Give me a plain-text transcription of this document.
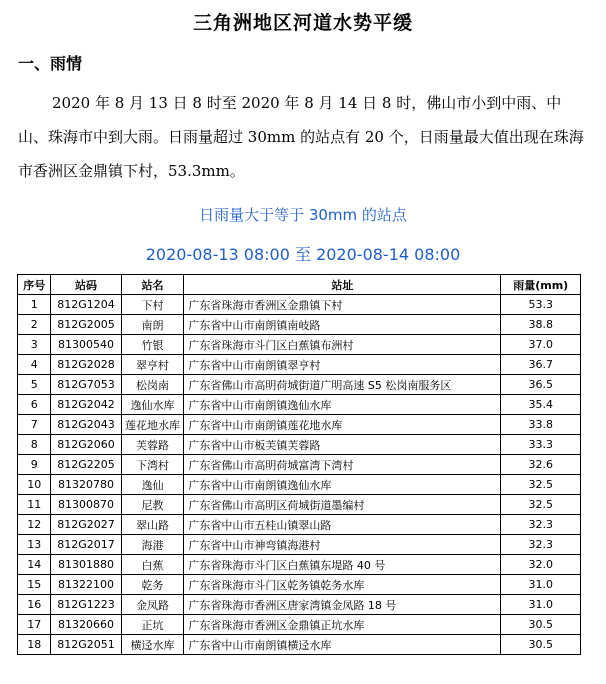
三角洲地区河道水势平缓
一、雨情
2020 年 8 月 13 日 8 时至 2020 年 8 月 14 日 8 时，佛山市小到中雨、中山、珠海市中到大雨。日雨量超过 30mm 的站点有 20 个，日雨量最大值出现在珠海市香洲区金鼎镇下村，53.3mm。
日雨量大于等于 30mm 的站点
2020-08-13 08:00 至 2020-08-14 08:00
序号	站码	站名	站址	雨量(mm)
1	812G1204	下村	广东省珠海市香洲区金鼎镇下村	53.3
2	812G2005	南朗	广东省中山市南朗镇南岐路	38.8
3	81300540	竹银	广东省珠海市斗门区白蕉镇布洲村	37.0
4	812G2028	翠亨村	广东省中山市南朗镇翠亨村	36.7
5	812G7053	松岗南	广东省佛山市高明荷城街道广明高速 S5 松岗南服务区	36.5
6	812G2042	逸仙水库	广东省中山市南朗镇逸仙水库	35.4
7	812G2043	莲花地水库	广东省中山市南朗镇莲花地水库	33.8
8	812G2060	芙蓉路	广东省中山市板芙镇芙蓉路	33.3
9	812G2205	下湾村	广东省佛山市高明荷城富湾下湾村	32.6
10	81320780	逸仙	广东省中山市南朗镇逸仙水库	32.5
11	81300870	尼教	广东省佛山市高明区荷城街道墨编村	32.5
12	812G2027	翠山路	广东省中山市五桂山镇翠山路	32.3
13	812G2017	海港	广东省中山市神弯镇海港村	32.3
14	81301880	白蕉	广东省珠海市斗门区白蕉镇东堤路 40 号	32.0
15	81322100	乾务	广东省珠海市斗门区乾务镇乾务水库	31.0
16	812G1223	金凤路	广东省珠海市香洲区唐家湾镇金凤路 18 号	31.0
17	81320660	正坑	广东省珠海市香洲区金鼎镇正坑水库	30.5
18	812G2051	横迳水库	广东省中山市南朗镇横迳水库	30.5
